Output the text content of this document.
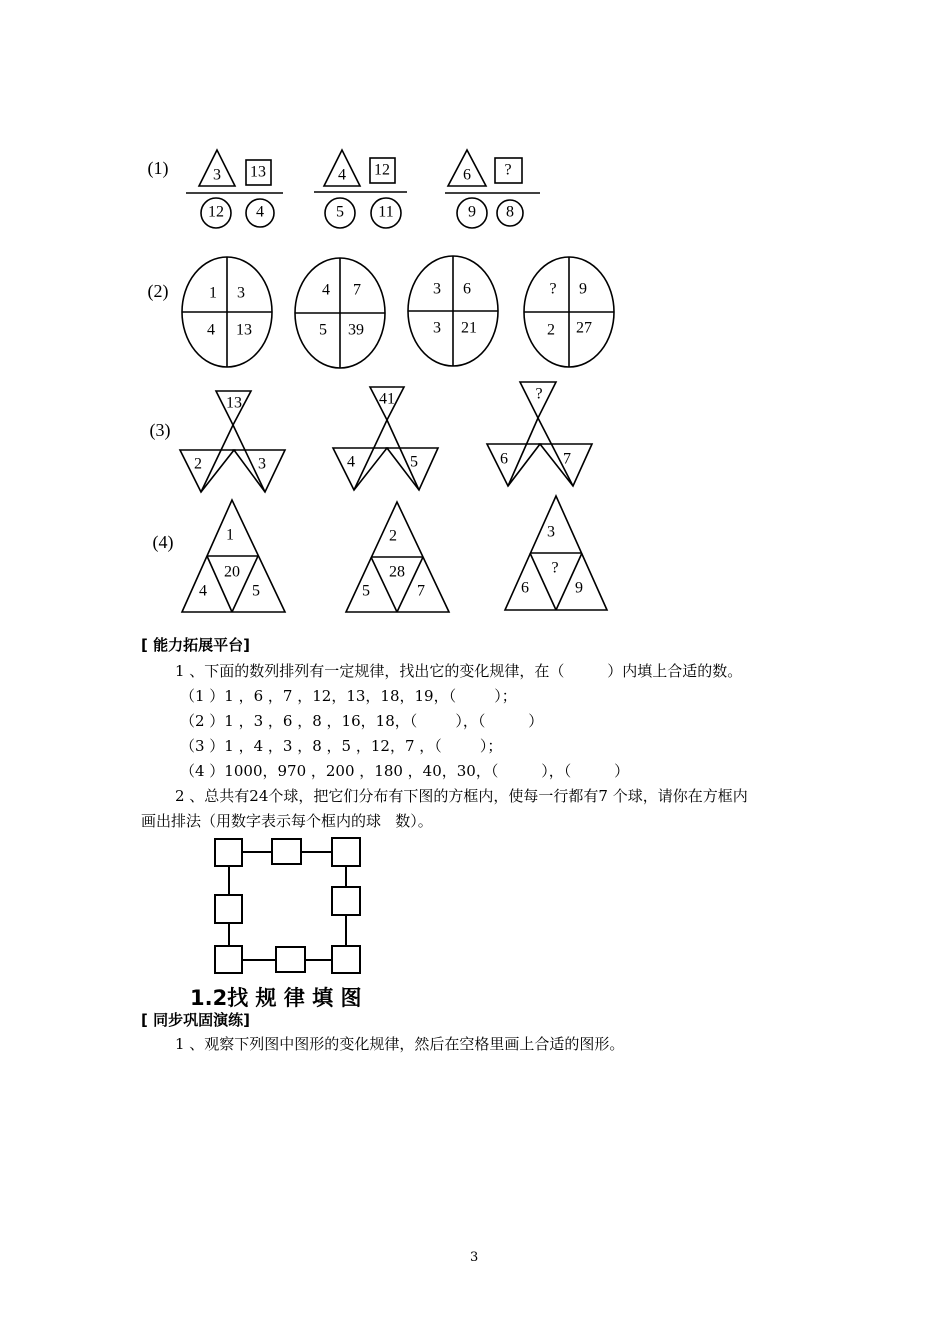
(1)
(2)
(3)
(4)
3 13
12 4
4 12
5 11
6 ?
9 8
1 3
4 13
4 7
5 39
3 6
3 21
? 9
2 27
13
2	3
41
4	5
?
6	7
1
20
4	5
2
28
5	7
3
?
6	9
[ 能力拓展平台]
1 、下面的数列排列有一定规律，找出它的变化规律，在（         ）内填上合适的数。
（1 ）1 ，6 ，7 ，12，13，18，19，（        ）；
（2 ）1 ，3 ，6 ，8 ，16，18，（        ），（         ）
（3 ）1 ，4 ，3 ，8 ，5 ，12，7 ，（        ）；
（4 ）1000，970 ，200 ，180 ，40，30，（         ），（         ）
2 、总共有24个球，把它们分布有下图的方框内，使每一行都有7 个球，请你在方框内
画出排法（用数字表示每个框内的球   数）。
1.2找 规 律 填 图
[ 同步巩固演练]
1 、观察下列图中图形的变化规律，然后在空格里画上合适的图形。
3
